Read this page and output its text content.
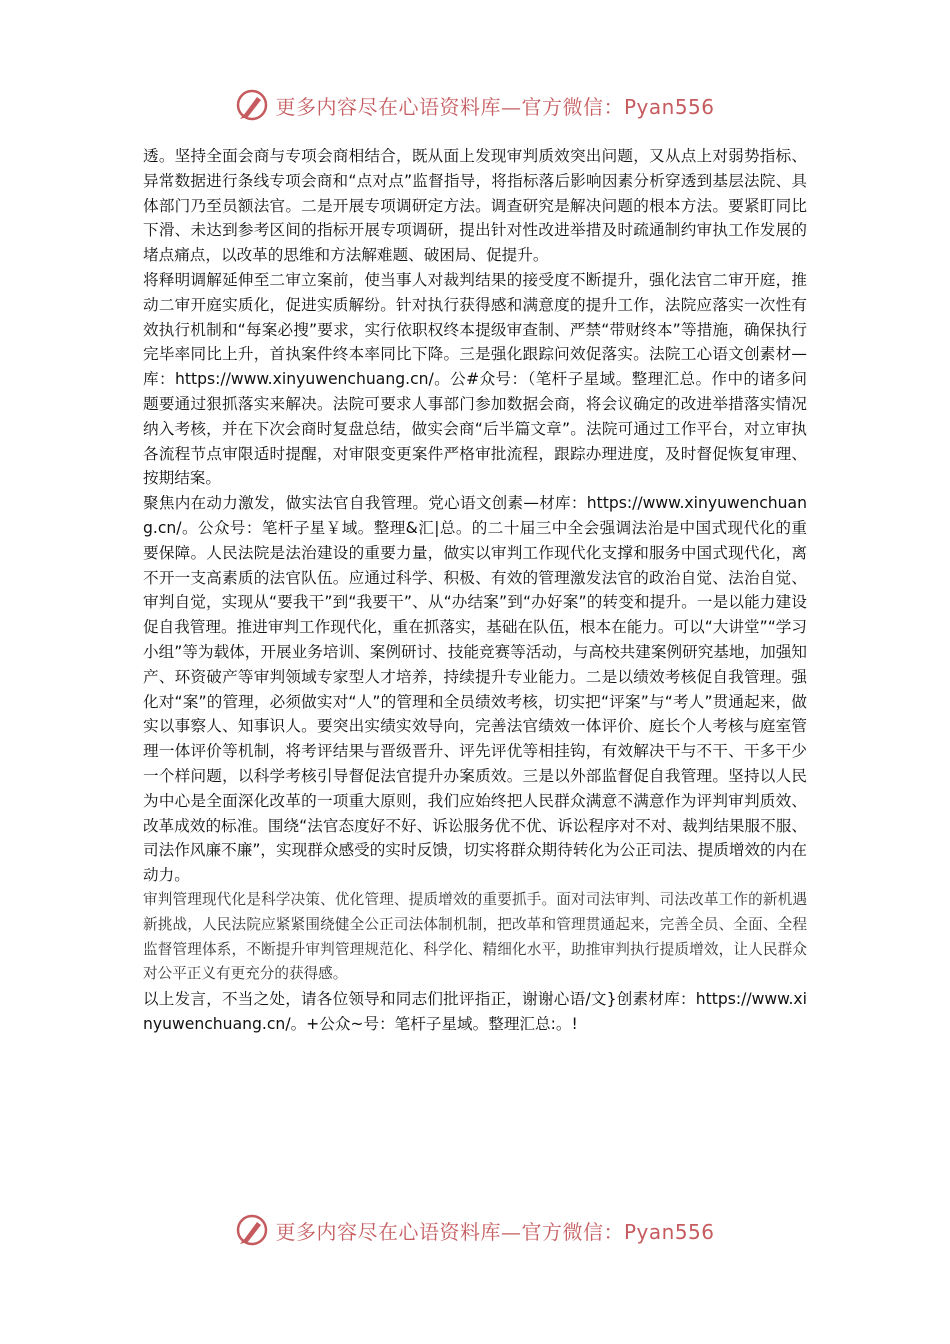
更多内容尽在心语资料库—官方微信：Pyan556

透。坚持全面会商与专项会商相结合，既从面上发现审判质效突出问题，又从点上对弱势指标、异常数据进行条线专项会商和“点对点”监督指导，将指标落后影响因素分析穿透到基层法院、具体部门乃至员额法官。二是开展专项调研定方法。调查研究是解决问题的根本方法。要紧盯同比下滑、未达到参考区间的指标开展专项调研，提出针对性改进举措及时疏通制约审执工作发展的堵点痛点，以改革的思维和方法解难题、破困局、促提升。

将释明调解延伸至二审立案前，使当事人对裁判结果的接受度不断提升，强化法官二审开庭，推动二审开庭实质化，促进实质解纷。针对执行获得感和满意度的提升工作，法院应落实一次性有效执行机制和“每案必搜”要求，实行依职权终本提级审查制、严禁“带财终本”等措施，确保执行完毕率同比上升，首执案件终本率同比下降。三是强化跟踪问效促落实。法院工心语文创素材—库：https://www.xinyuwenchuang.cn/。公#众号：（笔杆子星域。整理汇总。作中的诸多问题要通过狠抓落实来解决。法院可要求人事部门参加数据会商，将会议确定的改进举措落实情况纳入考核，并在下次会商时复盘总结，做实会商“后半篇文章”。法院可通过工作平台，对立审执各流程节点审限适时提醒，对审限变更案件严格审批流程，跟踪办理进度，及时督促恢复审理、按期结案。

聚焦内在动力激发，做实法官自我管理。党心语文创素—材库：https://www.xinyuwenchuang.cn/。公众号：笔杆子星￥域。整理&汇|总。的二十届三中全会强调法治是中国式现代化的重要保障。人民法院是法治建设的重要力量，做实以审判工作现代化支撑和服务中国式现代化，离不开一支高素质的法官队伍。应通过科学、积极、有效的管理激发法官的政治自觉、法治自觉、审判自觉，实现从“要我干”到“我要干”、从“办结案”到“办好案”的转变和提升。一是以能力建设促自我管理。推进审判工作现代化，重在抓落实，基础在队伍，根本在能力。可以“大讲堂”“学习小组”等为载体，开展业务培训、案例研讨、技能竞赛等活动，与高校共建案例研究基地，加强知产、环资破产等审判领域专家型人才培养，持续提升专业能力。二是以绩效考核促自我管理。强化对“案”的管理，必须做实对“人”的管理和全员绩效考核，切实把“评案”与“考人”贯通起来，做实以事察人、知事识人。要突出实绩实效导向，完善法官绩效一体评价、庭长个人考核与庭室管理一体评价等机制，将考评结果与晋级晋升、评先评优等相挂钩，有效解决干与不干、干多干少一个样问题，以科学考核引导督促法官提升办案质效。三是以外部监督促自我管理。坚持以人民为中心是全面深化改革的一项重大原则，我们应始终把人民群众满意不满意作为评判审判质效、改革成效的标准。围绕“法官态度好不好、诉讼服务优不优、诉讼程序对不对、裁判结果服不服、司法作风廉不廉”，实现群众感受的实时反馈，切实将群众期待转化为公正司法、提质增效的内在动力。

审判管理现代化是科学决策、优化管理、提质增效的重要抓手。面对司法审判、司法改革工作的新机遇新挑战，人民法院应紧紧围绕健全公正司法体制机制，把改革和管理贯通起来，完善全员、全面、全程监督管理体系，不断提升审判管理规范化、科学化、精细化水平，助推审判执行提质增效，让人民群众对公平正义有更充分的获得感。

以上发言，不当之处，请各位领导和同志们批评指正，谢谢心语/文}创素材库：https://www.xinyuwenchuang.cn/。+公众~号：笔杆子星域。整理汇总:。!

更多内容尽在心语资料库—官方微信：Pyan556
